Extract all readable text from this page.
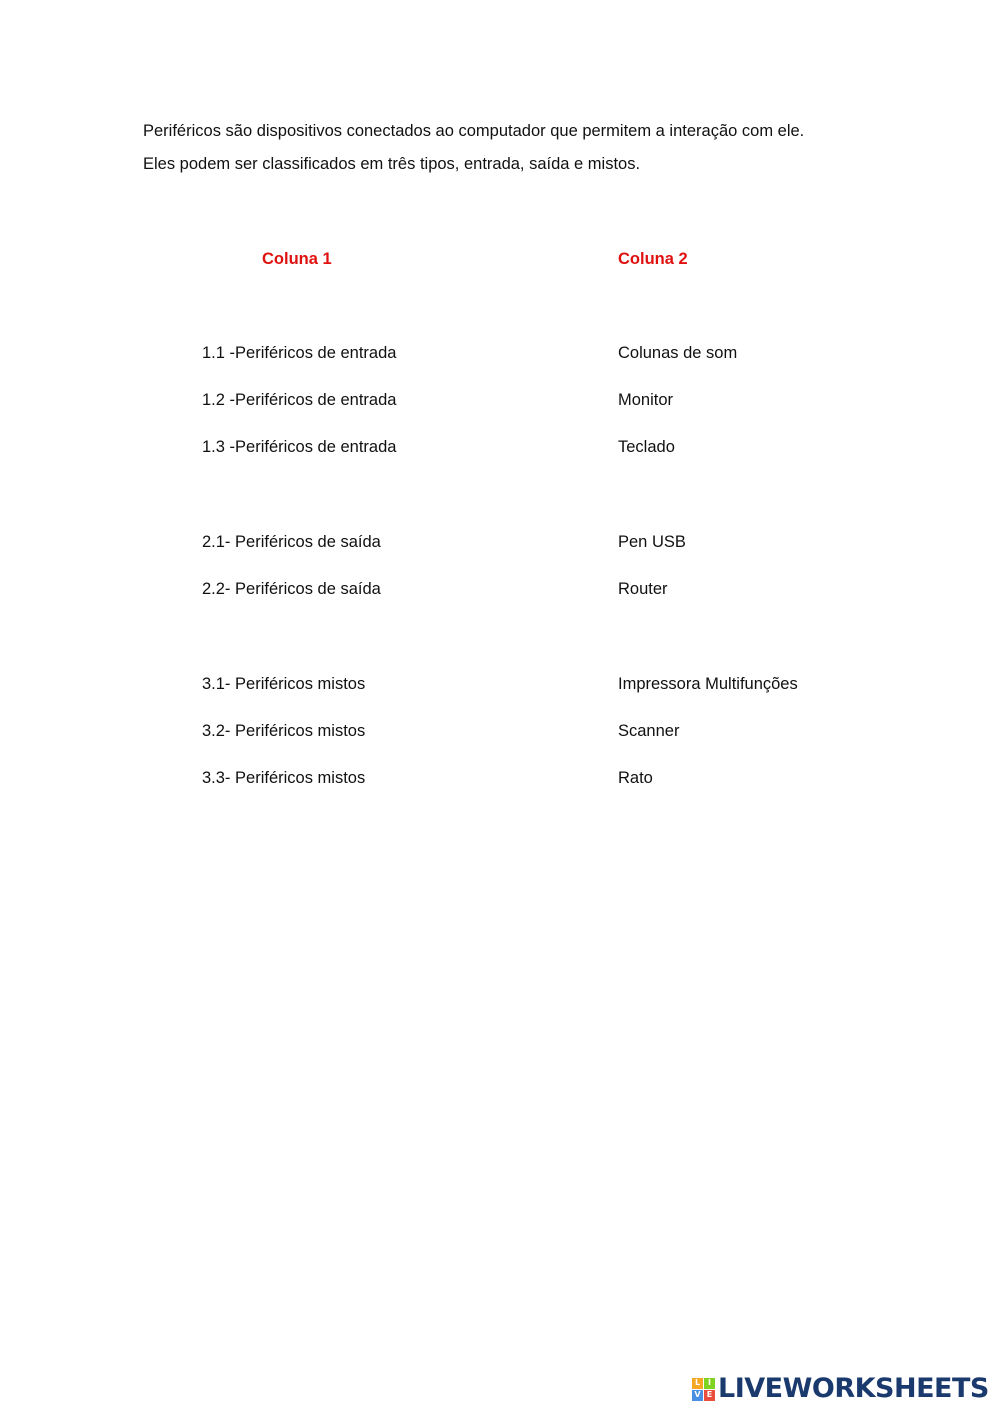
Periféricos são dispositivos conectados ao computador que permitem a interação com ele.
Eles podem ser classificados em três tipos, entrada, saída e mistos.
Coluna 1	Coluna 2
1.1 -Periféricos de entrada
1.2 -Periféricos de entrada
1.3 -Periféricos de entrada
2.1- Periféricos de saída
2.2- Periféricos de saída
3.1- Periféricos mistos
3.2- Periféricos mistos
3.3- Periféricos mistos
Colunas de som
Monitor
Teclado
Pen USB
Router
Impressora Multifunções
Scanner
Rato
L I
V E LIVEWORKSHEETS
